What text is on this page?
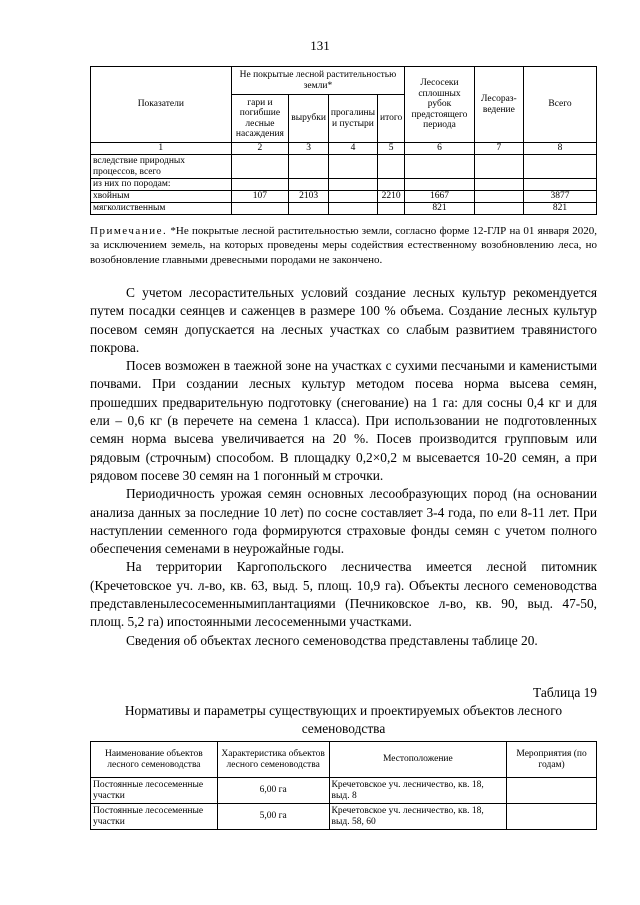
131
Показатели	Не покрытые лесной растительностью земли*				Лесосеки сплошных рубок предстоящего периода	Лесораз-ведение	Всего
	гари и погибшие лесные насаждения	вырубки	прогалины и пустыри	итого			
1	2	3	4	5	6	7	8
вследствие природных процессов, всего							
из них по породам:							
хвойным	107	2103		2210	1667		3877
мягколиственным					821		821
Примечание. *Не покрытые лесной растительностью земли, согласно форме 12-ГЛР на 01 января 2020, за исключением земель, на которых проведены меры содействия естественному возобновлению леса, но возобновление главными древесными породами не закончено.

С учетом лесорастительных условий создание лесных культур рекомендуется путем посадки сеянцев и саженцев в размере 100 % объема. Создание лесных культур посевом семян допускается на лесных участках со слабым развитием травянистого покрова.

Посев возможен в таежной зоне на участках с сухими песчаными и каменистыми почвами. При создании лесных культур методом посева норма высева семян, прошедших предварительную подготовку (снегование) на 1 га: для сосны 0,4 кг и для ели – 0,6 кг (в перечете на семена 1 класса). При использовании не подготовленных семян норма высева увеличивается на 20 %. Посев производится групповым или рядовым (строчным) способом. В площадку 0,2×0,2 м высевается 10-20 семян, а при рядовом посеве 30 семян на 1 погонный м строчки.

Периодичность урожая семян основных лесообразующих пород (на основании анализа данных за последние 10 лет) по сосне составляет 3-4 года, по ели 8-11 лет. При наступлении семенного года формируются страховые фонды семян с учетом полного обеспечения семенами в неурожайные годы.

На территории Каргопольского лесничества имеется лесной питомник (Кречетовское уч. л-во, кв. 63, выд. 5, площ. 10,9 га). Объекты лесного семеноводства представленылесосеменнымиплантациями (Печниковское л-во, кв. 90, выд. 47-50, площ. 5,2 га) ипостоянными лесосеменными участками.

Сведения об объектах лесного семеноводства представлены таблице 20.

Таблица 19
Нормативы и параметры существующих и проектируемых объектов лесного семеноводства
Наименование объектов лесного семеноводства	Характеристика объектов лесного семеноводства	Местоположение	Мероприятия (по годам)
Постоянные лесосеменные участки	6,00 га	Кречетовское уч. лесничество, кв. 18, выд. 8	
Постоянные лесосеменные участки	5,00 га	Кречетовское уч. лесничество, кв. 18, выд. 58, 60	
